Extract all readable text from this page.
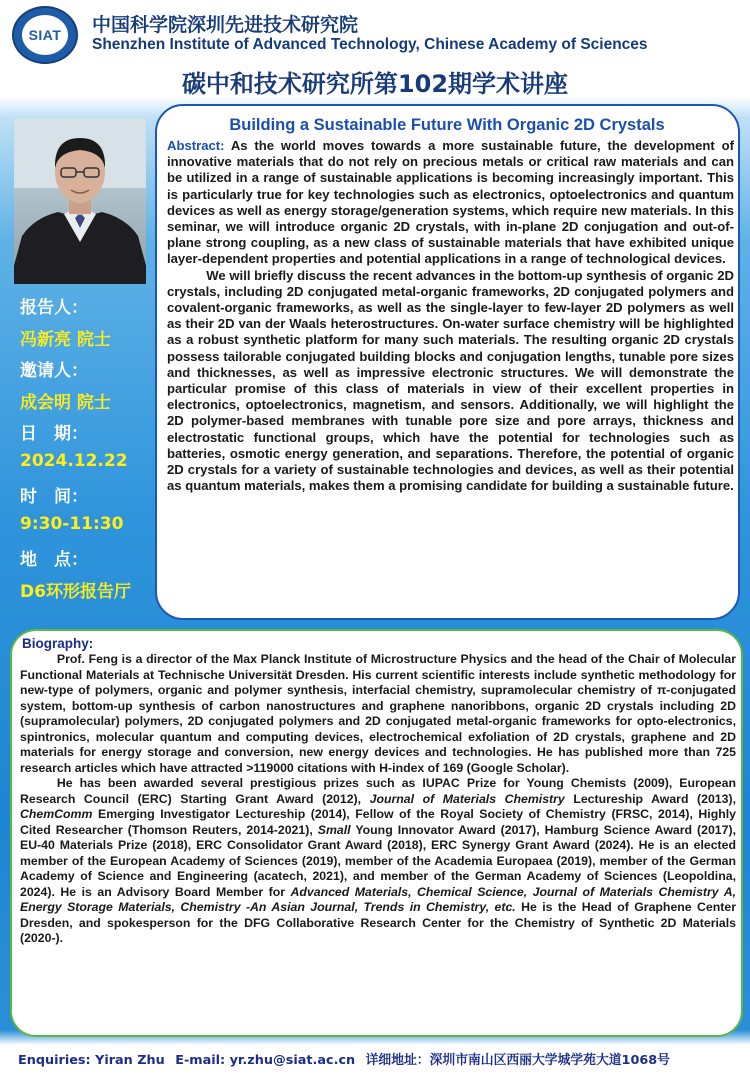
SIAT	中国科学院深圳先进技术研究院
Shenzhen Institute of Advanced Technology, Chinese Academy of Sciences
碳中和技术研究所第102期学术讲座
报告人：
冯新亮 院士
邀请人：
成会明 院士
日　期：
2024.12.22
时　间：
9:30-11:30
地　点：
D6环形报告厅
Building a Sustainable Future With Organic 2D Crystals

Abstract: As the world moves towards a more sustainable future, the development of innovative materials that do not rely on precious metals or critical raw materials and can be utilized in a range of sustainable applications is becoming increasingly important. This is particularly true for key technologies such as electronics, optoelectronics and quantum devices as well as energy storage/generation systems, which require new materials. In this seminar, we will introduce organic 2D crystals, with in-plane 2D conjugation and out-of-plane strong coupling, as a new class of sustainable materials that have exhibited unique layer-dependent properties and potential applications in a range of technological devices.

We will briefly discuss the recent advances in the bottom-up synthesis of organic 2D crystals, including 2D conjugated metal-organic frameworks, 2D conjugated polymers and covalent-organic frameworks, as well as the single-layer to few-layer 2D polymers as well as their 2D van der Waals heterostructures. On-water surface chemistry will be highlighted as a robust synthetic platform for many such materials. The resulting organic 2D crystals possess tailorable conjugated building blocks and conjugation lengths, tunable pore sizes and thicknesses, as well as impressive electronic structures. We will demonstrate the particular promise of this class of materials in view of their excellent properties in electronics, optoelectronics, magnetism, and sensors. Additionally, we will highlight the 2D polymer-based membranes with tunable pore size and pore arrays, thickness and electrostatic functional groups, which have the potential for technologies such as batteries, osmotic energy generation, and separations. Therefore, the potential of organic 2D crystals for a variety of sustainable technologies and devices, as well as their potential as quantum materials, makes them a promising candidate for building a sustainable future.

Biography:

Prof. Feng is a director of the Max Planck Institute of Microstructure Physics and the head of the Chair of Molecular Functional Materials at Technische Universität Dresden. His current scientific interests include synthetic methodology for new-type of polymers, organic and polymer synthesis, interfacial chemistry, supramolecular chemistry of π-conjugated system, bottom-up synthesis of carbon nanostructures and graphene nanoribbons, organic 2D crystals including 2D (supramolecular) polymers, 2D conjugated polymers and 2D conjugated metal-organic frameworks for opto-electronics, spintronics, molecular quantum and computing devices, electrochemical exfoliation of 2D crystals, graphene and 2D materials for energy storage and conversion, new energy devices and technologies. He has published more than 725 research articles which have attracted >119000 citations with H-index of 169 (Google Scholar).

He has been awarded several prestigious prizes such as IUPAC Prize for Young Chemists (2009), European Research Council (ERC) Starting Grant Award (2012), Journal of Materials Chemistry Lectureship Award (2013), ChemComm Emerging Investigator Lectureship (2014), Fellow of the Royal Society of Chemistry (FRSC, 2014), Highly Cited Researcher (Thomson Reuters, 2014-2021), Small Young Innovator Award (2017), Hamburg Science Award (2017), EU-40 Materials Prize (2018), ERC Consolidator Grant Award (2018), ERC Synergy Grant Award (2024). He is an elected member of the European Academy of Sciences (2019), member of the Academia Europaea (2019), member of the German Academy of Science and Engineering (acatech, 2021), and member of the German Academy of Sciences (Leopoldina, 2024). He is an Advisory Board Member for Advanced Materials, Chemical Science, Journal of Materials Chemistry A, Energy Storage Materials, Chemistry -An Asian Journal, Trends in Chemistry, etc. He is the Head of Graphene Center Dresden, and spokesperson for the DFG Collaborative Research Center for the Chemistry of Synthetic 2D Materials (2020-).

Enquiries: Yiran Zhu E-mail: yr.zhu@siat.ac.cn 详细地址：深圳市南山区西丽大学城学苑大道1068号
